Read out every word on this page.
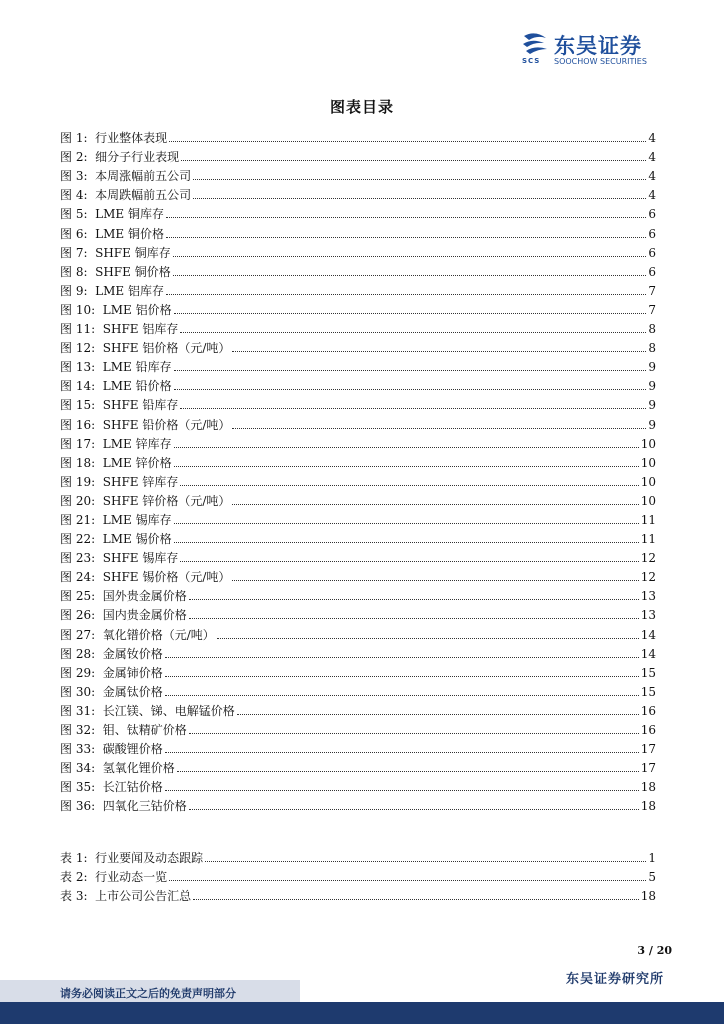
东吴证券
SCS SOOCHOW SECURITIES
图表目录
图 1:  行业整体表现	4
图 2:  细分子行业表现	4
图 3:  本周涨幅前五公司	4
图 4:  本周跌幅前五公司	4
图 5:  LME 铜库存	6
图 6:  LME 铜价格	6
图 7:  SHFE 铜库存	6
图 8:  SHFE 铜价格	6
图 9:  LME 铝库存	7
图 10:  LME 铝价格	7
图 11:  SHFE 铝库存	8
图 12:  SHFE 铝价格（元/吨）	8
图 13:  LME 铅库存	9
图 14:  LME 铅价格	9
图 15:  SHFE 铅库存	9
图 16:  SHFE 铅价格（元/吨）	9
图 17:  LME 锌库存	10
图 18:  LME 锌价格	10
图 19:  SHFE 锌库存	10
图 20:  SHFE 锌价格（元/吨）	10
图 21:  LME 锡库存	11
图 22:  LME 锡价格	11
图 23:  SHFE 锡库存	12
图 24:  SHFE 锡价格（元/吨）	12
图 25:  国外贵金属价格	13
图 26:  国内贵金属价格	13
图 27:  氧化镨价格（元/吨）	14
图 28:  金属钕价格	14
图 29:  金属铈价格	15
图 30:  金属钛价格	15
图 31:  长江镁、锑、电解锰价格	16
图 32:  钼、钛精矿价格	16
图 33:  碳酸锂价格	17
图 34:  氢氧化锂价格	17
图 35:  长江钴价格	18
图 36:  四氧化三钴价格	18
表 1:  行业要闻及动态跟踪	1
表 2:  行业动态一览	5
表 3:  上市公司公告汇总	18
3 / 20
东吴证券研究所
请务必阅读正文之后的免责声明部分
